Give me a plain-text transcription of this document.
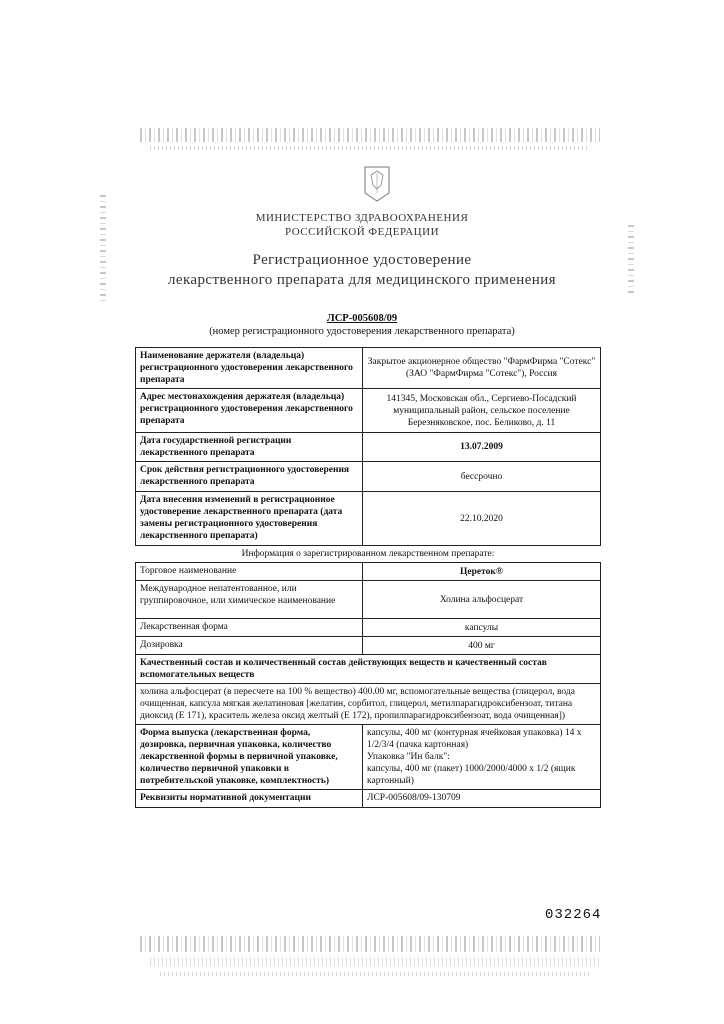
МИНИСТЕРСТВО ЗДРАВООХРАНЕНИЯ
РОССИЙСКОЙ ФЕДЕРАЦИИ
Регистрационное удостоверение
лекарственного препарата для медицинского применения
ЛСР-005608/09
(номер регистрационного удостоверения лекарственного препарата)
Наименование держателя (владельца) регистрационного удостоверения лекарственного препарата	Закрытое акционерное общество "ФармФирма "Сотекс" (ЗАО "ФармФирма "Сотекс"), Россия
Адрес местонахождения держателя (владельца) регистрационного удостоверения лекарственного препарата	141345, Московская обл., Сергиево-Посадский муниципальный район, сельское поселение Березняковское, пос. Беликово, д. 11
Дата государственной регистрации лекарственного препарата	13.07.2009
Срок действия регистрационного удостоверения лекарственного препарата	бессрочно
Дата внесения изменений в регистрационное удостоверение лекарственного препарата (дата замены регистрационного удостоверения лекарственного препарата)	22.10.2020
Информация о зарегистрированном лекарственном препарате:	
Торговое наименование	Цереток®
Международное непатентованное, или группировочное, или химическое наименование	Холина альфосцерат
Лекарственная форма	капсулы
Дозировка	400 мг
Качественный состав и количественный состав действующих веществ и качественный состав вспомогательных веществ	
холина альфосцерат (в пересчете на 100 % вещество) 400.00 мг, вспомогательные вещества (глицерол, вода очищенная, капсула мягкая желатиновая [желатин, сорбитол, глицерол, метилпарагидроксибензоат, титана диоксид (E 171), краситель железа оксид желтый (E 172), пропилпарагидроксибензоат, вода очищенная])	
Форма выпуска (лекарственная форма, дозировка, первичная упаковка, количество лекарственной формы в первичной упаковке, количество первичной упаковки в потребительской упаковке, комплектность)	капсулы, 400 мг (контурная ячейковая упаковка) 14 x 1/2/3/4 (пачка картонная)
Упаковка "Ин балк":
капсулы, 400 мг (пакет) 1000/2000/4000 x 1/2 (ящик картонный)

Реквизиты нормативной документации	ЛСР-005608/09-130709
032264
